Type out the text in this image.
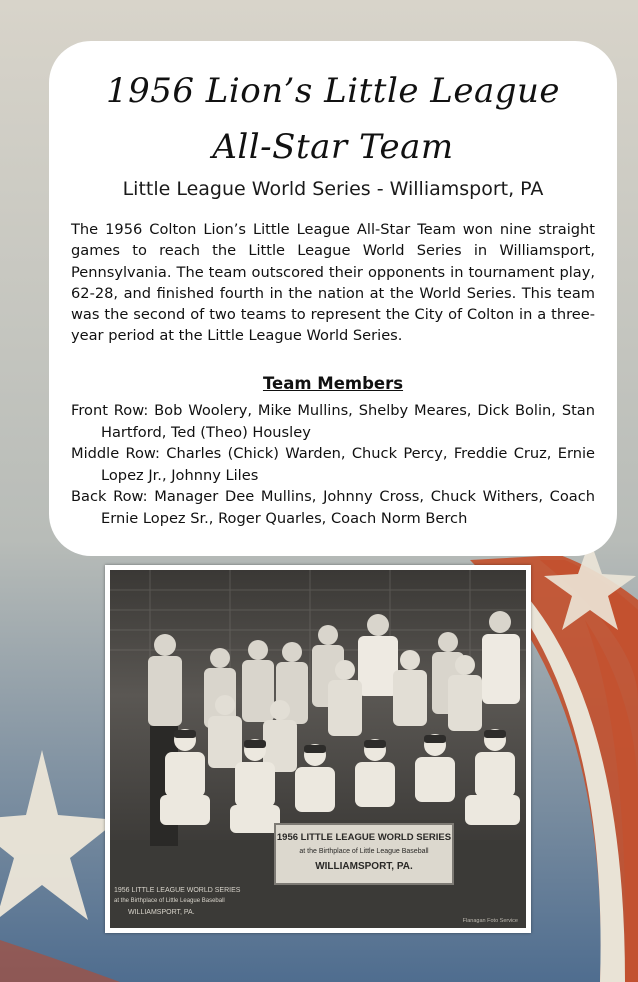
1956 Lion’s Little League
All-Star Team
Little League World Series - Williamsport, PA
The 1956 Colton Lion’s Little League All-Star Team won nine straight games to reach the Little League World Series in Williamsport, Pennsylvania. The team outscored their opponents in tournament play, 62-28, and finished fourth in the nation at the World Series. This team was the second of two teams to represent the City of Colton in a three-year period at the Little League World Series.
Team Members
Front Row: Bob Woolery, Mike Mullins, Shelby Meares, Dick Bolin, Stan Hartford, Ted (Theo) Housley
Middle Row: Charles (Chick) Warden, Chuck Percy, Freddie Cruz, Ernie Lopez Jr., Johnny Liles
Back Row: Manager Dee Mullins, Johnny Cross, Chuck Withers, Coach Ernie Lopez Sr., Roger Quarles, Coach Norm Berch
1956 LITTLE LEAGUE WORLD SERIES
at the Birthplace of Little League Baseball
WILLIAMSPORT, PA.
1956 LITTLE LEAGUE WORLD SERIES
at the Birthplace of Little League Baseball
WILLIAMSPORT, PA.
Flanagan Foto Service
